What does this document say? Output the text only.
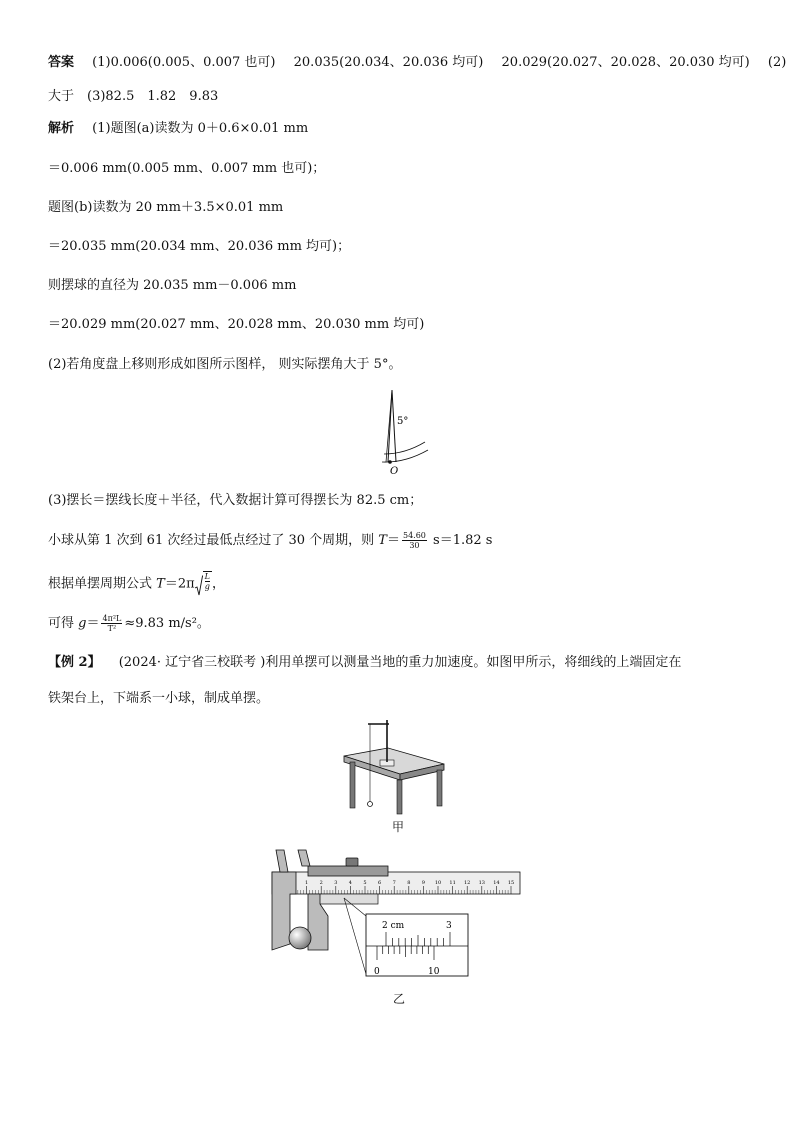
答案 (1)0.006(0.005、0.007 也可) 20.035(20.034、20.036 均可) 20.029(20.027、20.028、20.030 均可) (2)
大于　(3)82.5　1.82　9.83
解析 (1)题图(a)读数为 0＋0.6×0.01 mm
＝0.006 mm(0.005 mm、0.007 mm 也可)；
题图(b)读数为 20 mm＋3.5×0.01 mm
＝20.035 mm(20.034 mm、20.036 mm 均可)；
则摆球的直径为 20.035 mm－0.006 mm
＝20.029 mm(20.027 mm、20.028 mm、20.030 mm 均可)
(2)若角度盘上移则形成如图所示图样， 则实际摆角大于 5°。
5°
O
(3)摆长＝摆线长度＋半径，代入数据计算可得摆长为 82.5 cm；
小球从第 1 次到 61 次经过最低点经过了 30 个周期，则 $T= \frac{54.60}{30} s=1.82$ s
根据单摆周期公式 $T=2\pi \frac{L}{g}$ ，
可得 $g= \frac{\text{4π²L}}{\text{T²}} \approx 9.83$ m/s²。
【例 2】 (2024· 辽宁省三校联考 )利用单摆可以测量当地的重力加速度。如图甲所示，将细线的上端固定在
铁架台上，下端系一小球，制成单摆。
甲
1 2 3 4 5 6 7 8 9 10 11 12 13 14 15
2 cm	3
0	10
乙
